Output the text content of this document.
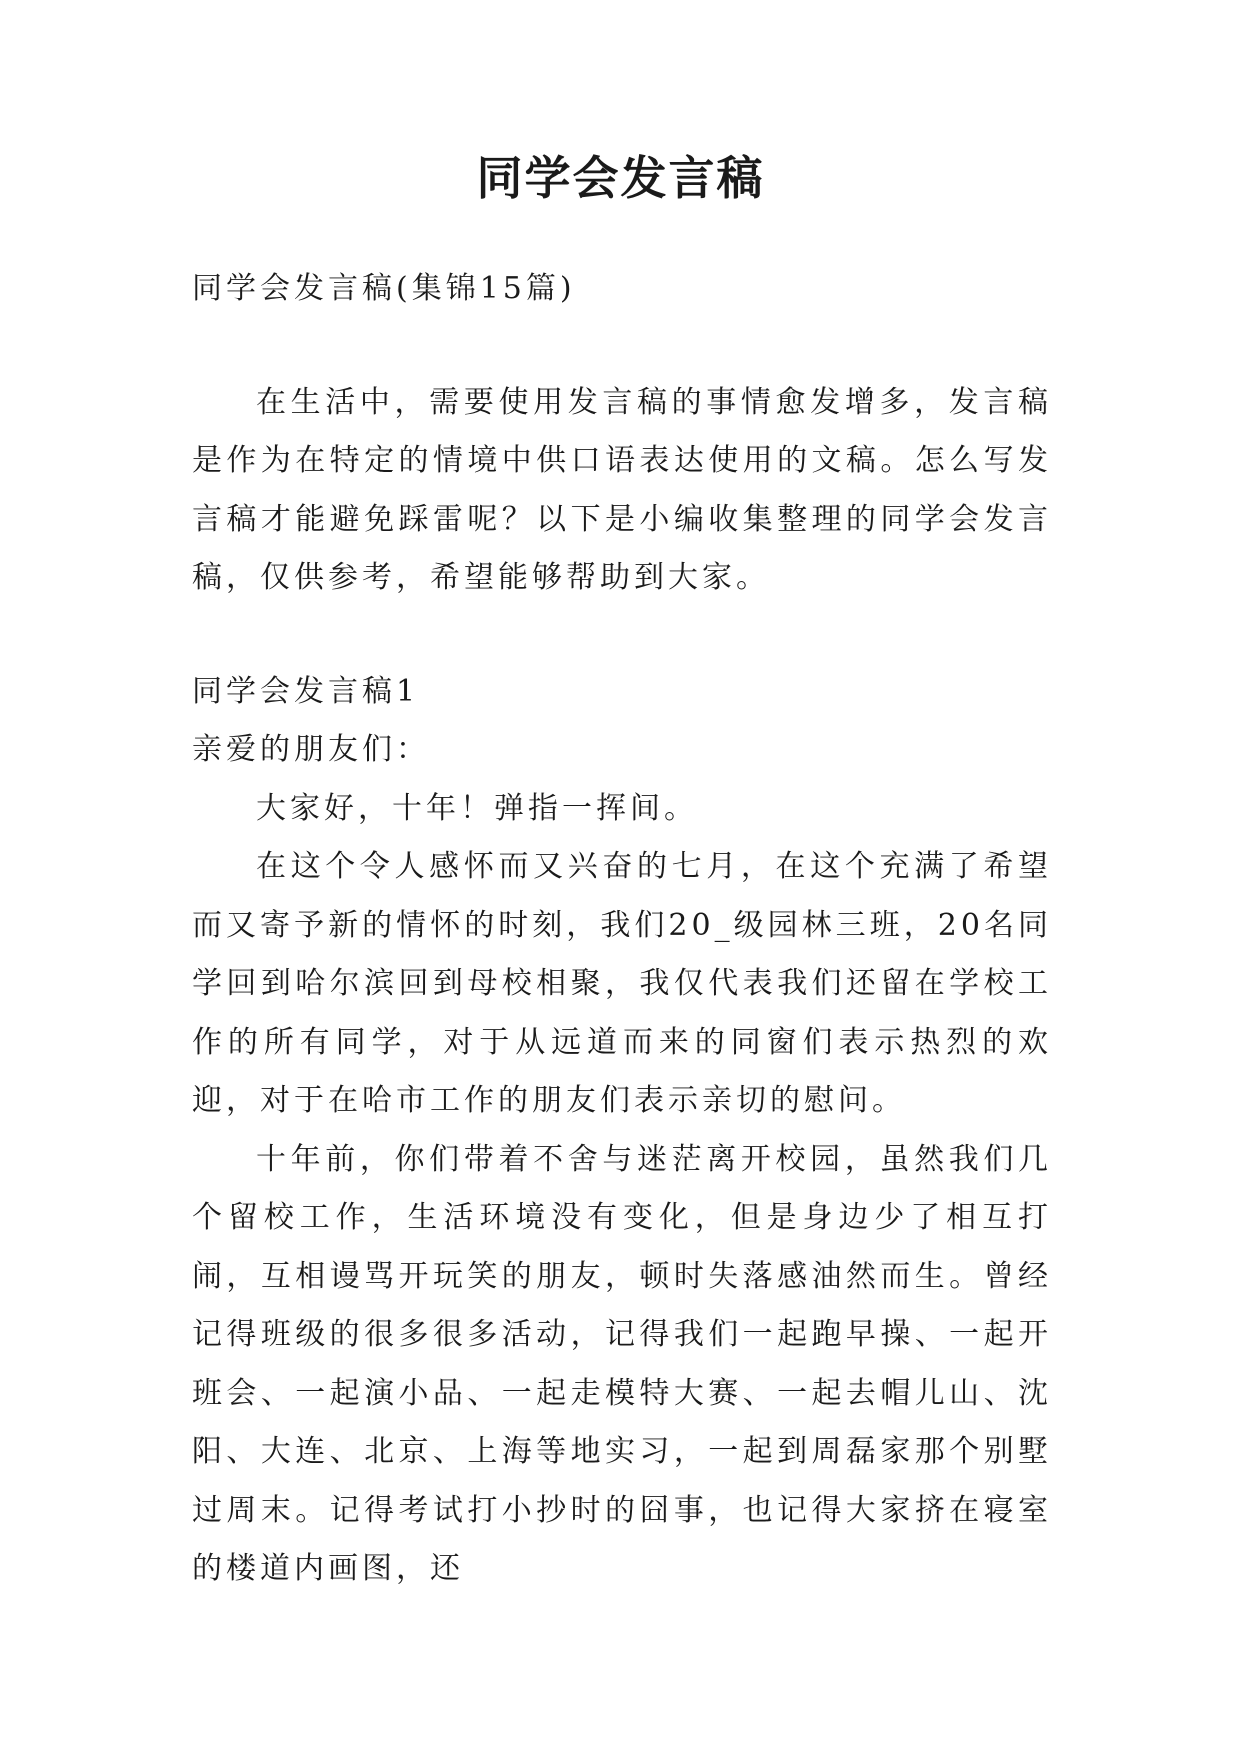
同学会发言稿

同学会发言稿(集锦15篇)

在生活中，需要使用发言稿的事情愈发增多，发言稿是作为在特定的情境中供口语表达使用的文稿。怎么写发言稿才能避免踩雷呢？以下是小编收集整理的同学会发言稿，仅供参考，希望能够帮助到大家。

同学会发言稿1

亲爱的朋友们：

大家好，十年！弹指一挥间。

在这个令人感怀而又兴奋的七月，在这个充满了希望而又寄予新的情怀的时刻，我们20_级园林三班，20名同学回到哈尔滨回到母校相聚，我仅代表我们还留在学校工作的所有同学，对于从远道而来的同窗们表示热烈的欢迎，对于在哈市工作的朋友们表示亲切的慰问。

十年前，你们带着不舍与迷茫离开校园，虽然我们几个留校工作，生活环境没有变化，但是身边少了相互打闹，互相谩骂开玩笑的朋友，顿时失落感油然而生。曾经记得班级的很多很多活动，记得我们一起跑早操、一起开班会、一起演小品、一起走模特大赛、一起去帽儿山、沈阳、大连、北京、上海等地实习，一起到周磊家那个别墅过周末。记得考试打小抄时的囧事，也记得大家挤在寝室的楼道内画图，还
